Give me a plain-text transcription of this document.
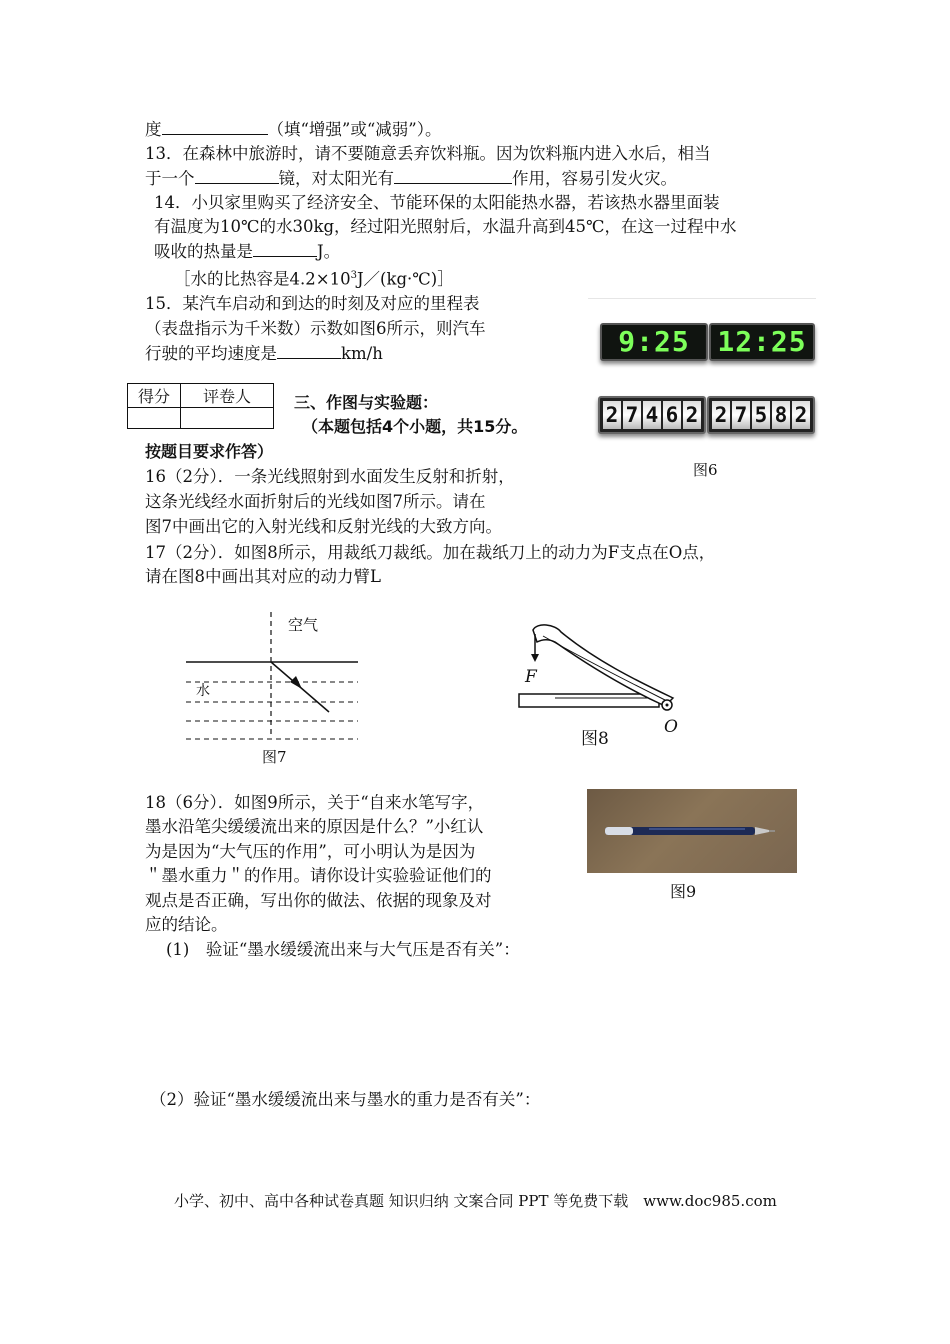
度	（填“增强”或“减弱”）。
13．在森林中旅游时，请不要随意丢弃饮料瓶。因为饮料瓶内进入水后，相当
于一个	镜，对太阳光有	作用，容易引发火灾。
14．小贝家里购买了经济安全、节能环保的太阳能热水器，若该热水器里面装
有温度为10℃的水30kg，经过阳光照射后，水温升高到45℃，在这一过程中水
吸收的热量是	J。
［水的比热容是$4.2\times 10^3J/(kg\cdot℃)]$
15．某汽车启动和到达的时刻及对应的里程表
（表盘指示为千米数）示数如图6所示，则汽车
行驶的平均速度是	km/h	9:25 12:25
2 7 4 6 2 2 7 5 8 2
图6
得分	评卷人
		三、作图与实验题：
（本题包括4个小题，共15分。
按题目要求作答）
16（2分）．一条光线照射到水面发生反射和折射，
这条光线经水面折射后的光线如图7所示。请在
图7中画出它的入射光线和反射光线的大致方向。
17（2分）．如图8所示，用裁纸刀裁纸。加在裁纸刀上的动力为F支点在O点，
请在图8中画出其对应的动力臂L
空气
水
图7
F
O
图8
18（6分）．如图9所示，关于“自来水笔写字，
墨水沿笔尖缓缓流出来的原因是什么？”小红认
为是因为“大气压的作用”，可小明认为是因为
＂墨水重力＂的作用。请你设计实验验证他们的
观点是否正确，写出你的做法、依据的现象及对
应的结论。
(1)　验证“墨水缓缓流出来与大气压是否有关”：
（2）验证“墨水缓缓流出来与墨水的重力是否有关”：
图9
小学、初中、高中各种试卷真题 知识归纳 文案合同 PPT 等免费下载　www.doc985.com
